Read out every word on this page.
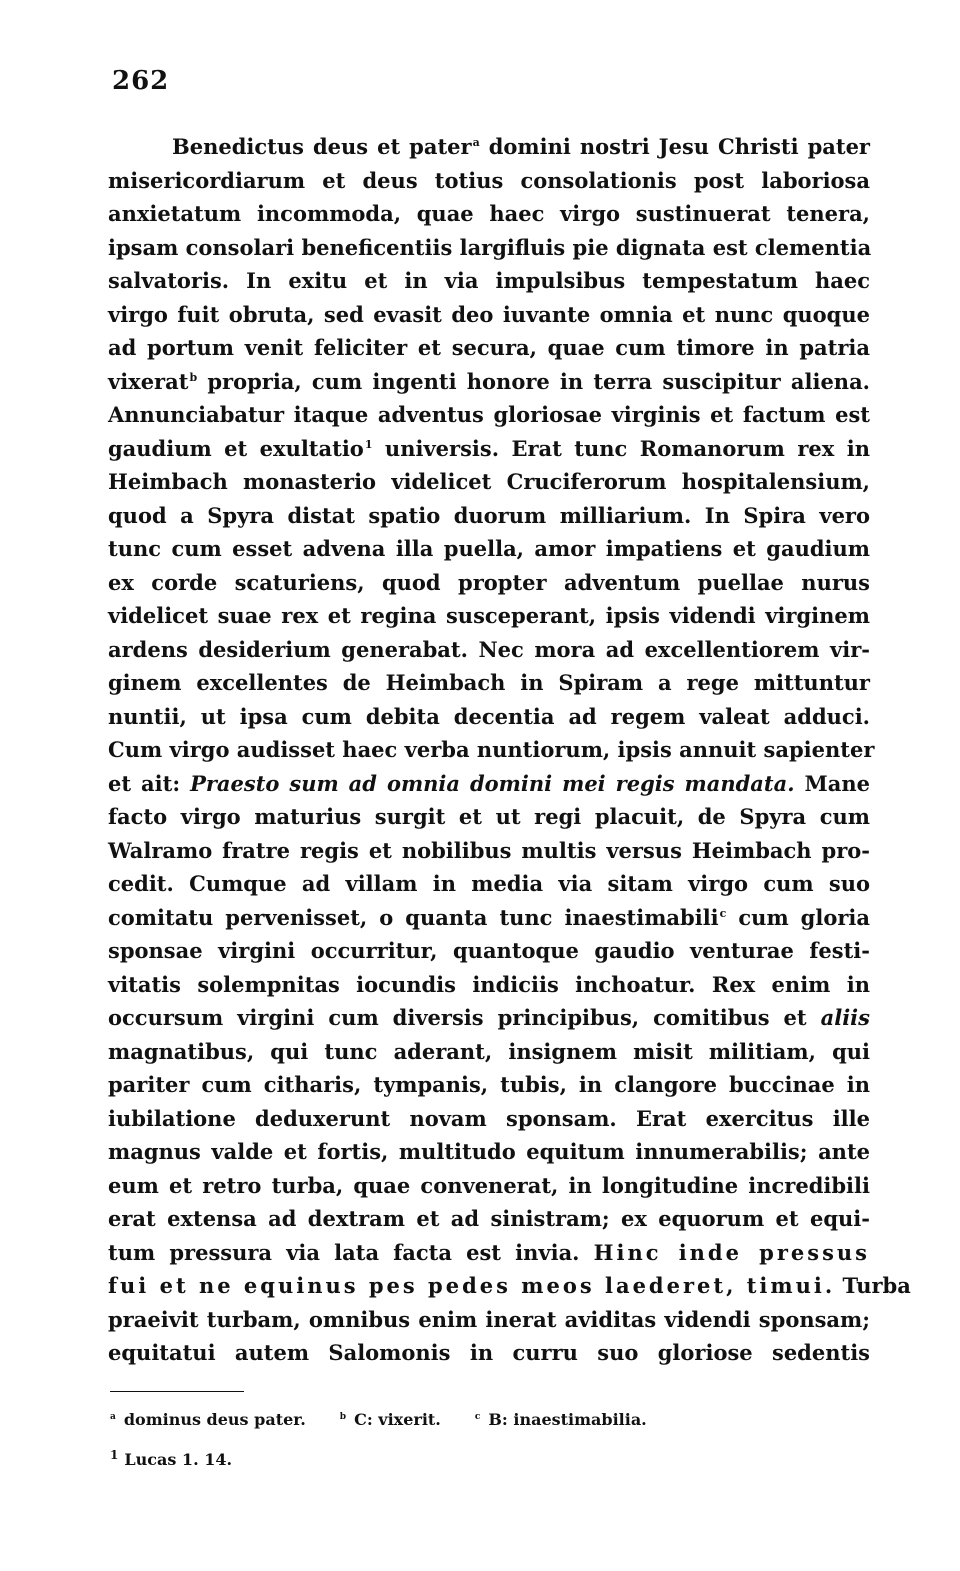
262
Benedictus deus et pater$^a$ domini nostri Jesu Christi pater
misericordiarum et deus totius consolationis post laboriosa
anxietatum incommoda, quae haec virgo sustinuerat tenera,
ipsam consolari beneficentiis largifluis pie dignata est clementia
salvatoris. In exitu et in via impulsibus tempestatum haec
virgo fuit obruta, sed evasit deo iuvante omnia et nunc quoque
ad portum venit feliciter et secura, quae cum timore in patria
vixerat$^b$ propria, cum ingenti honore in terra suscipitur aliena.
Annunciabatur itaque adventus gloriosae virginis et factum est
gaudium et exultatio$^1$ universis. Erat tunc Romanorum rex in
Heimbach monasterio videlicet Cruciferorum hospitalensium,
quod a Spyra distat spatio duorum milliarium. In Spira vero
tunc cum esset advena illa puella, amor impatiens et gaudium
ex corde scaturiens, quod propter adventum puellae nurus
videlicet suae rex et regina susceperant, ipsis videndi virginem
ardens desiderium generabat. Nec mora ad excellentiorem vir-
ginem excellentes de Heimbach in Spiram a rege mittuntur
nuntii, ut ipsa cum debita decentia ad regem valeat adduci.
Cum virgo audisset haec verba nuntiorum, ipsis annuit sapienter
et ait: Praesto sum ad omnia domini mei regis mandata. Mane
facto virgo maturius surgit et ut regi placuit, de Spyra cum
Walramo fratre regis et nobilibus multis versus Heimbach pro-
cedit. Cumque ad villam in media via sitam virgo cum suo
comitatu pervenisset, o quanta tunc inaestimabili$^c$ cum gloria
sponsae virgini occurritur, quantoque gaudio venturae festi-
vitatis solempnitas iocundis indiciis inchoatur. Rex enim in
occursum virgini cum diversis principibus, comitibus et aliis
magnatibus, qui tunc aderant, insignem misit militiam, qui
pariter cum citharis, tympanis, tubis, in clangore buccinae in
iubilatione deduxerunt novam sponsam. Erat exercitus ille
magnus valde et fortis, multitudo equitum innumerabilis; ante
eum et retro turba, quae convenerat, in longitudine incredibili
erat extensa ad dextram et ad sinistram; ex equorum et equi-
tum pressura via lata facta est invia. Hinc inde pressus
fui et ne equinus pes pedes meos laederet, timui. Turba
praeivit turbam, omnibus enim inerat aviditas videndi sponsam;
equitatui autem Salomonis in curru suo gloriose sedentis
$^a$ dominus deus pater.	$^b$ C: vixerit.	$^c$ B: inaestimabilia.
$^1$ Lucas 1. 14.
